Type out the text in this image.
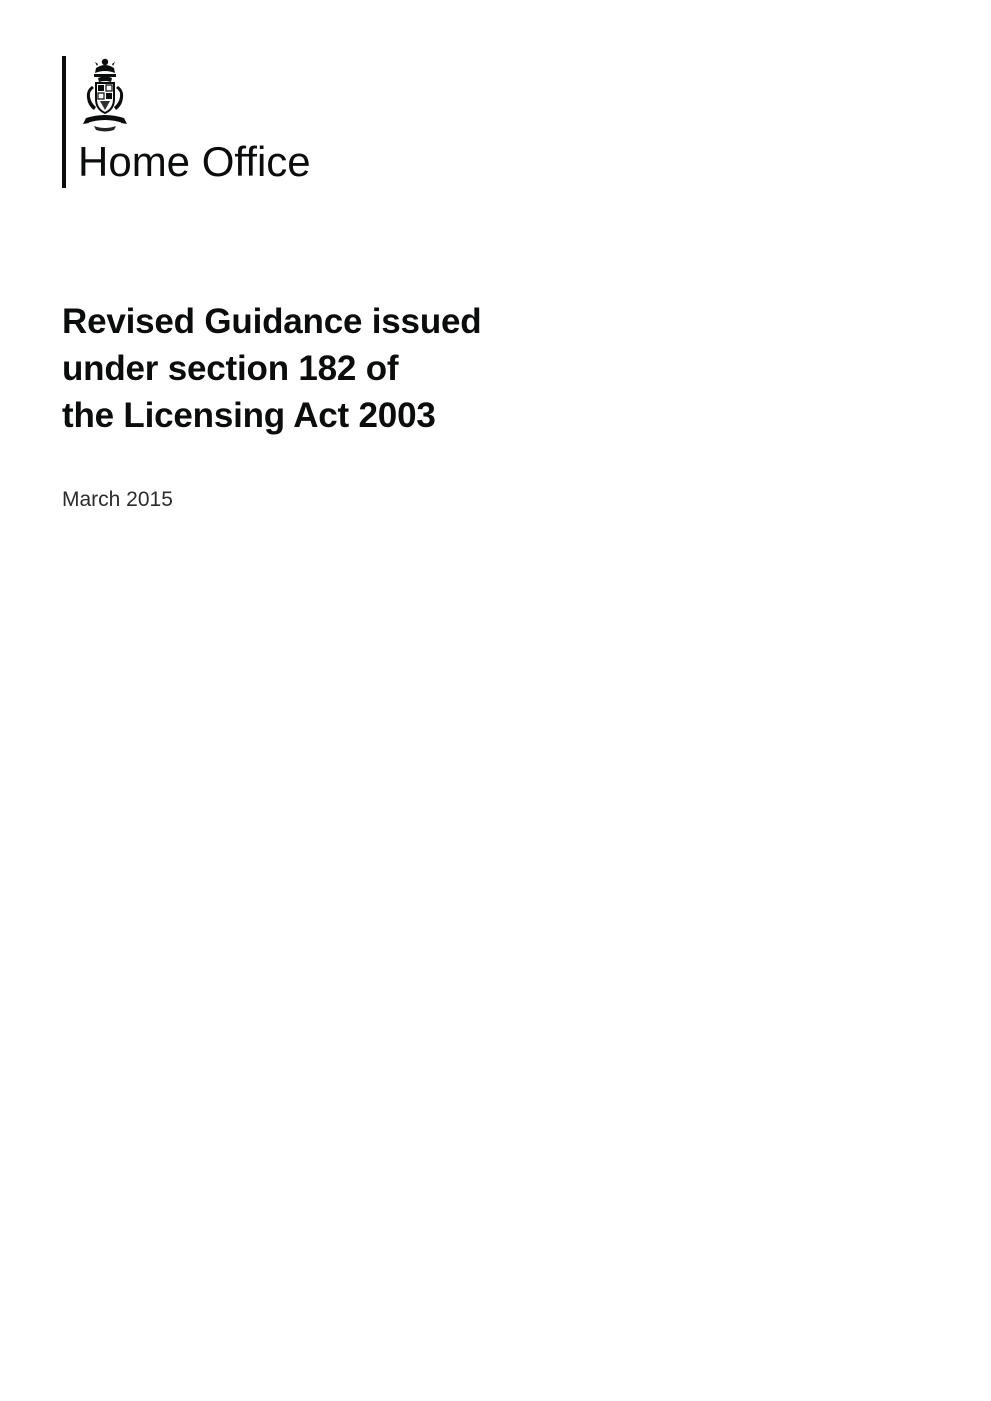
Home Office
Revised Guidance issued
under section 182 of
the Licensing Act 2003
March 2015
